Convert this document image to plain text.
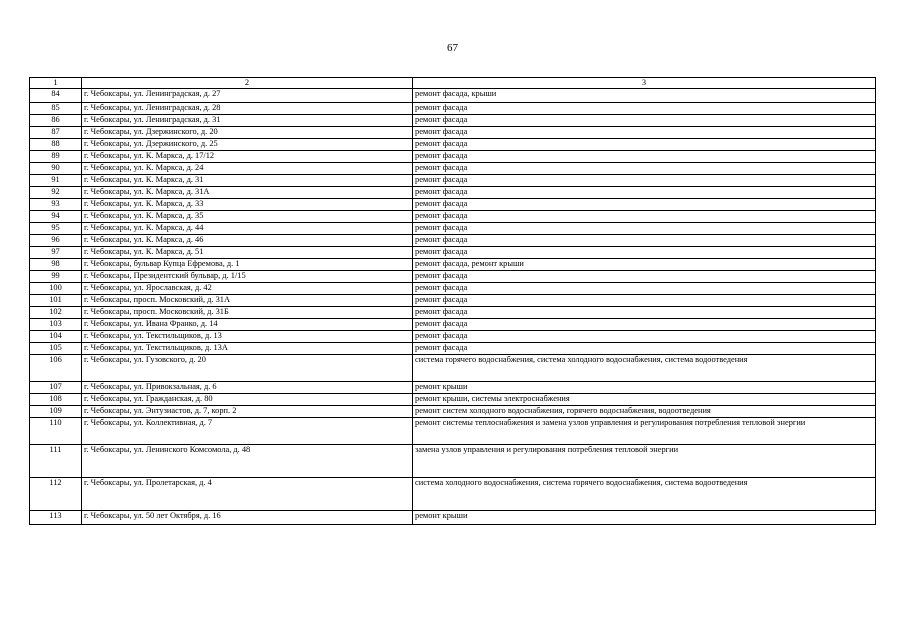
67
1	2	3
84	г. Чебоксары, ул. Ленинградская, д. 27	ремонт фасада, крыши
85	г. Чебоксары, ул. Ленинградская, д. 28	ремонт фасада
86	г. Чебоксары, ул. Ленинградская, д. 31	ремонт фасада
87	г. Чебоксары, ул. Дзержинского, д. 20	ремонт фасада
88	г. Чебоксары, ул. Дзержинского, д. 25	ремонт фасада
89	г. Чебоксары, ул. К. Маркса, д. 17/12	ремонт фасада
90	г. Чебоксары, ул. К. Маркса, д. 24	ремонт фасада
91	г. Чебоксары, ул. К. Маркса, д. 31	ремонт фасада
92	г. Чебоксары, ул. К. Маркса, д. 31А	ремонт фасада
93	г. Чебоксары, ул. К. Маркса, д. 33	ремонт фасада
94	г. Чебоксары, ул. К. Маркса, д. 35	ремонт фасада
95	г. Чебоксары, ул. К. Маркса, д. 44	ремонт фасада
96	г. Чебоксары, ул. К. Маркса, д. 46	ремонт фасада
97	г. Чебоксары, ул. К. Маркса, д. 51	ремонт фасада
98	г. Чебоксары, бульвар Купца Ефремова, д. 1	ремонт фасада, ремонт крыши
99	г. Чебоксары, Президентский бульвар, д. 1/15	ремонт фасада
100	г. Чебоксары, ул. Ярославская, д. 42	ремонт фасада
101	г. Чебоксары, просп. Московский, д. 31А	ремонт фасада
102	г. Чебоксары, просп. Московский, д. 31Б	ремонт фасада
103	г. Чебоксары, ул. Ивана Франко, д. 14	ремонт фасада
104	г. Чебоксары, ул. Текстильщиков, д. 13	ремонт фасада
105	г. Чебоксары, ул. Текстильщиков, д. 13А	ремонт фасада
106	г. Чебоксары, ул. Гузовского, д. 20	система горячего водоснабжения, система холодного водоснабжения, система водоотведения
107	г. Чебоксары, ул. Привокзальная, д. 6	ремонт крыши
108	г. Чебоксары, ул. Гражданская, д. 80	ремонт крыши, системы электроснабжения
109	г. Чебоксары, ул. Энтузиастов, д. 7, корп. 2	ремонт систем холодного водоснабжения, горячего водоснабжения, водоотведения
110	г. Чебоксары, ул. Коллективная, д. 7	ремонт системы теплоснабжения и замена узлов управления и регулирования потребления тепловой энергии
111	г. Чебоксары, ул. Ленинского Комсомола, д. 48	замена узлов управления и регулирования потребления тепловой энергии
112	г. Чебоксары, ул. Пролетарская, д. 4	система холодного водоснабжения, система горячего водоснабжения, система водоотведения
113	г. Чебоксары, ул. 50 лет Октября, д. 16	ремонт крыши
